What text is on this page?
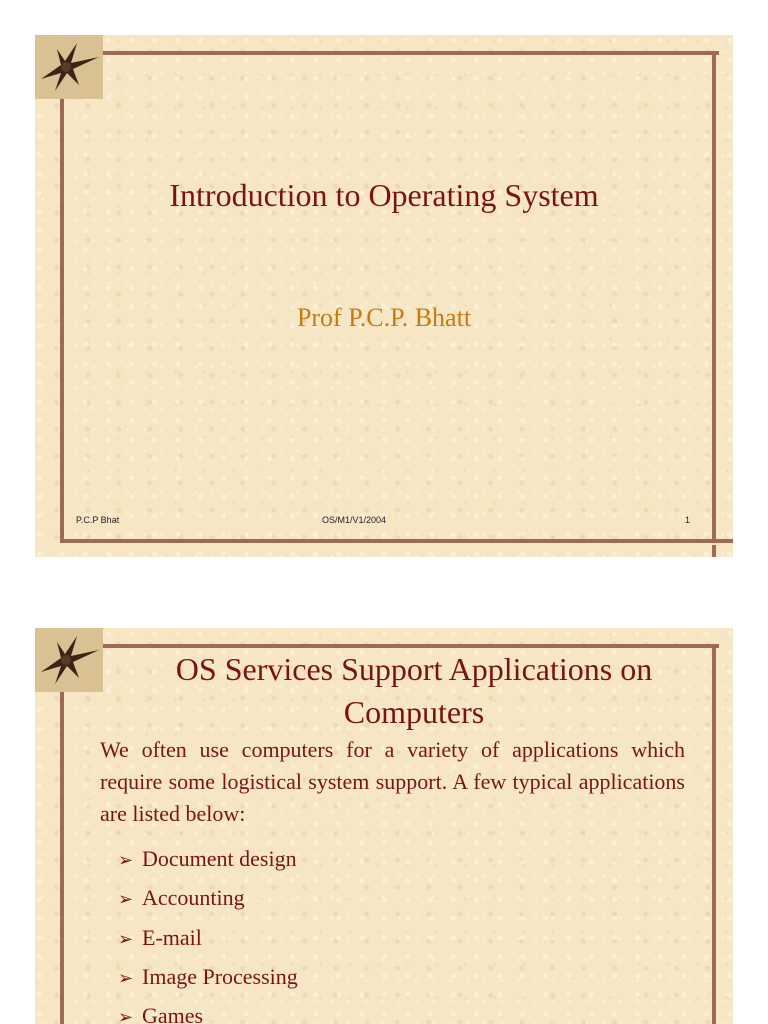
Introduction to Operating System
Prof P.C.P. Bhatt
P.C.P Bhat	OS/M1/V1/2004	1
OS Services Support Applications on
Computers

We often use computers for a variety of applications which require some logistical system support. A few typical applications are listed below:

➢ Document design
➢ Accounting
➢ E-mail
➢ Image Processing
➢ Games
